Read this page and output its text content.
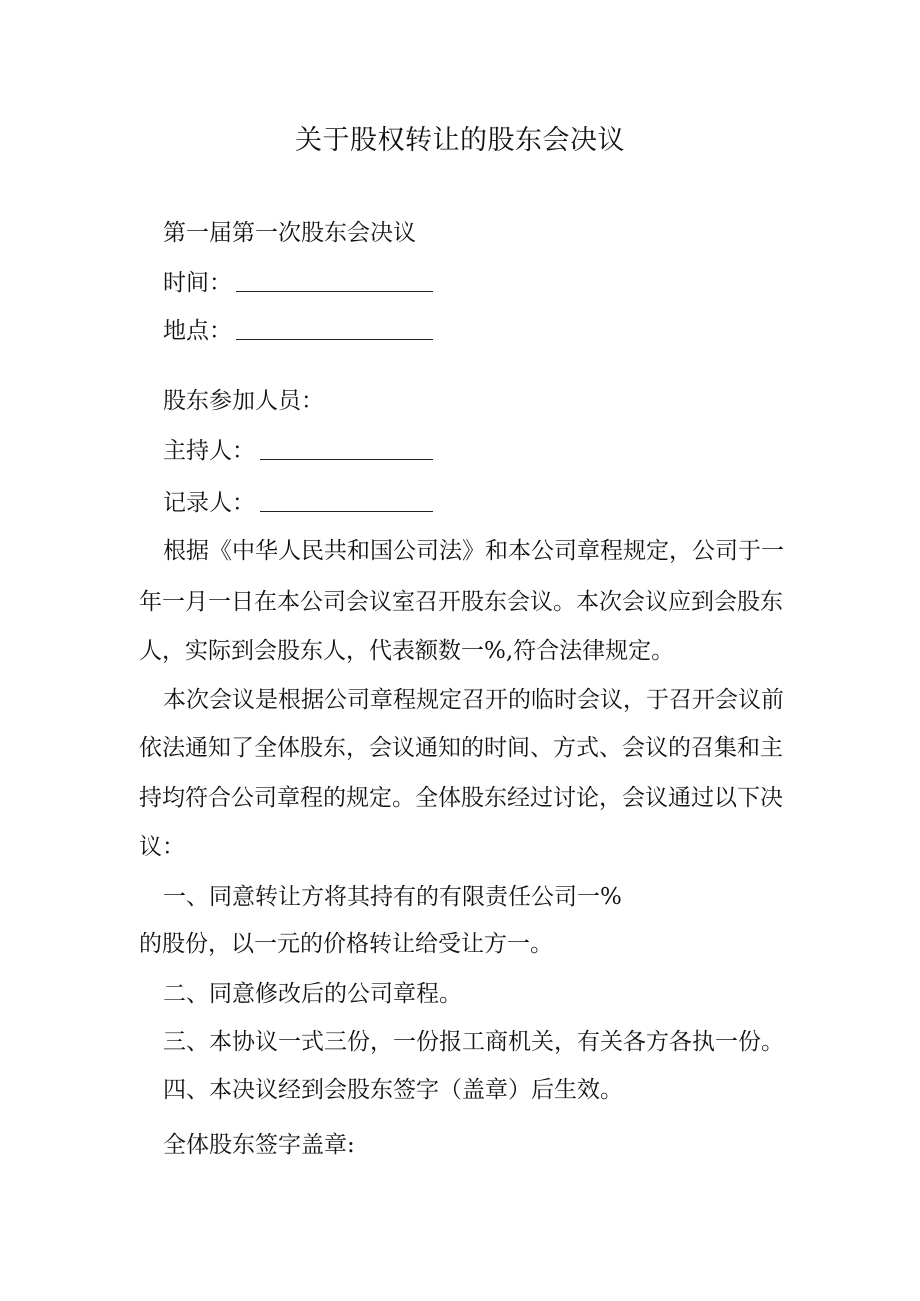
关于股权转让的股东会决议
第一届第一次股东会决议
时间：
地点：
股东参加人员：
主持人：
记录人：
根据《中华人民共和国公司法》和本公司章程规定，公司于一
年一月一日在本公司会议室召开股东会议。本次会议应到会股东
人，实际到会股东人，代表额数一%,符合法律规定。
本次会议是根据公司章程规定召开的临时会议，于召开会议前
依法通知了全体股东，会议通知的时间、方式、会议的召集和主
持均符合公司章程的规定。全体股东经过讨论，会议通过以下决
议：
一、同意转让方将其持有的有限责任公司一%
的股份，以一元的价格转让给受让方一。
二、同意修改后的公司章程。
三、本协议一式三份，一份报工商机关，有关各方各执一份。
四、本决议经到会股东签字（盖章）后生效。
全体股东签字盖章:
